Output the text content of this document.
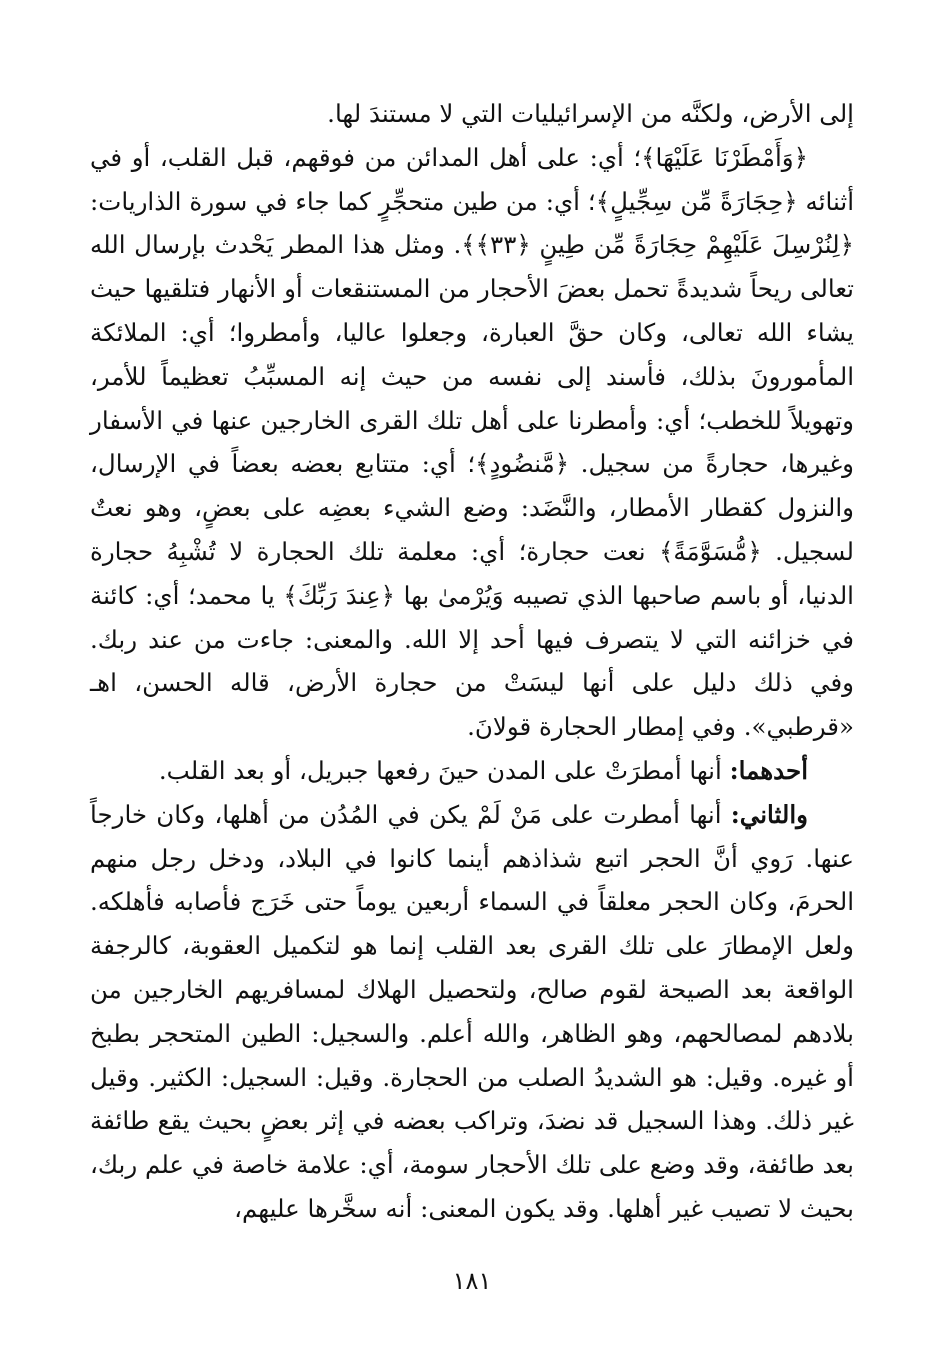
إلى الأرض، ولكنَّه من الإسرائيليات التي لا مستندَ لها.

﴿وَأَمْطَرْنَا عَلَيْهَا﴾؛ أي: على أهل المدائن من فوقهم، قبل القلب، أو في أثنائه ﴿حِجَارَةً مِّن سِجِّيلٍ﴾؛ أي: من طين متحجِّرٍ كما جاء في سورة الذاريات: ﴿لِنُرْسِلَ عَلَيْهِمْ حِجَارَةً مِّن طِينٍ ﴿٣٣﴾﴾. ومثل هذا المطر يَحْدث بإرسال الله تعالى ريحاً شديدةً تحمل بعضَ الأحجار من المستنقعات أو الأنهار فتلقيها حيث يشاء الله تعالى، وكان حقَّ العبارة، وجعلوا عاليا، وأمطروا؛ أي: الملائكة المأمورونَ بذلك، فأسند إلى نفسه من حيث إنه المسبِّبُ تعظيماً للأمر، وتهويلاً للخطب؛ أي: وأمطرنا على أهل تلك القرى الخارجين عنها في الأسفار وغيرها، حجارةً من سجيل. ﴿مَّنضُودٍ﴾؛ أي: متتابع بعضه بعضاً في الإرسال، والنزول كقطار الأمطار، والنَّضَد: وضع الشيء بعضِه على بعضٍ، وهو نعتٌ لسجيل. ﴿مُّسَوَّمَةً﴾ نعت حجارة؛ أي: معلمة تلك الحجارة لا تُشْبِهُ حجارة الدنيا، أو باسم صاحبها الذي تصيبه وَيُرْمىٰ بها ﴿عِندَ رَبِّكَ﴾ يا محمد؛ أي: كائنة في خزائنه التي لا يتصرف فيها أحد إلا الله. والمعنى: جاءت من عند ربك. وفي ذلك دليل على أنها ليسَتْ من حجارة الأرض، قاله الحسن، اهـ «قرطبي». وفي إمطار الحجارة قولانَ.

أحدهما: أنها أمطرَتْ على المدن حينَ رفعها جبريل، أو بعد القلب.

والثاني: أنها أمطرت على مَنْ لَمْ يكن في المُدُن من أهلها، وكان خارجاً عنها. رَوي أنَّ الحجر اتبع شذاذهم أينما كانوا في البلاد، ودخل رجل منهم الحرمَ، وكان الحجر معلقاً في السماء أربعين يوماً حتى خَرَج فأصابه فأهلكه. ولعل الإمطارَ على تلك القرى بعد القلب إنما هو لتكميل العقوبة، كالرجفة الواقعة بعد الصيحة لقوم صالح، ولتحصيل الهلاك لمسافريهم الخارجين من بلادهم لمصالحهم، وهو الظاهر، والله أعلم. والسجيل: الطين المتحجر بطبخ أو غيره. وقيل: هو الشديدُ الصلب من الحجارة. وقيل: السجيل: الكثير. وقيل غير ذلك. وهذا السجيل قد نضدَ، وتراكب بعضه في إثر بعضٍ بحيث يقع طائفة بعد طائفة، وقد وضع على تلك الأحجار سومة، أي: علامة خاصة في علم ربك، بحيث لا تصيب غير أهلها. وقد يكون المعنى: أنه سخَّرها عليهم،

١٨١
